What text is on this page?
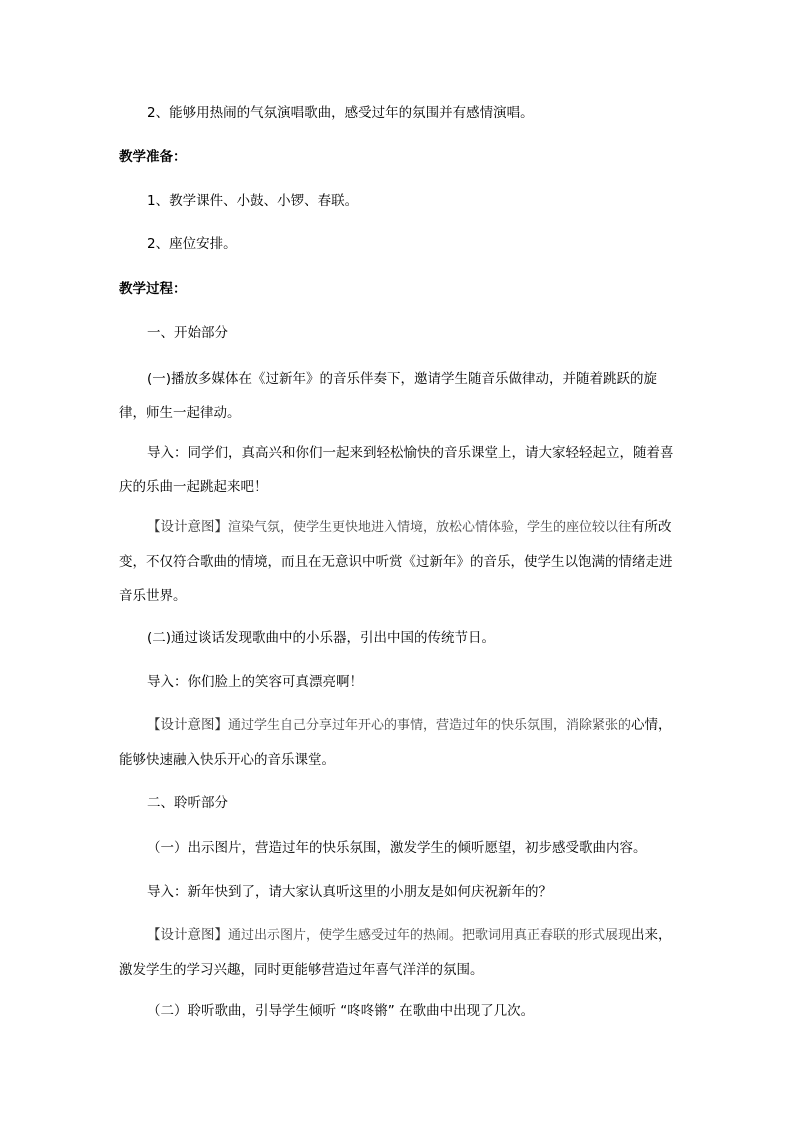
2、能够用热闹的气氛演唱歌曲，感受过年的氛围并有感情演唱。

教学准备：

1、教学课件、小鼓、小锣、春联。

2、座位安排。

教学过程：

一、开始部分

(一)播放多媒体在《过新年》的音乐伴奏下，邀请学生随音乐做律动，并随着跳跃的旋律，师生一起律动。

导入：同学们，真高兴和你们一起来到轻松愉快的音乐课堂上，请大家轻轻起立，随着喜庆的乐曲一起跳起来吧！

【设计意图】渲染气氛，使学生更快地进入情境，放松心情体验，学生的座位较以往有所改变，不仅符合歌曲的情境，而且在无意识中听赏《过新年》的音乐，使学生以饱满的情绪走进音乐世界。

(二)通过谈话发现歌曲中的小乐器，引出中国的传统节日。

导入：你们脸上的笑容可真漂亮啊！

【设计意图】通过学生自己分享过年开心的事情，营造过年的快乐氛围，消除紧张的心情，能够快速融入快乐开心的音乐课堂。

二、聆听部分

（一）出示图片，营造过年的快乐氛围，激发学生的倾听愿望，初步感受歌曲内容。

导入：新年快到了，请大家认真听这里的小朋友是如何庆祝新年的？

【设计意图】通过出示图片，使学生感受过年的热闹。把歌词用真正春联的形式展现出来，激发学生的学习兴趣，同时更能够营造过年喜气洋洋的氛围。

（二）聆听歌曲，引导学生倾听 “咚咚锵” 在歌曲中出现了几次。
